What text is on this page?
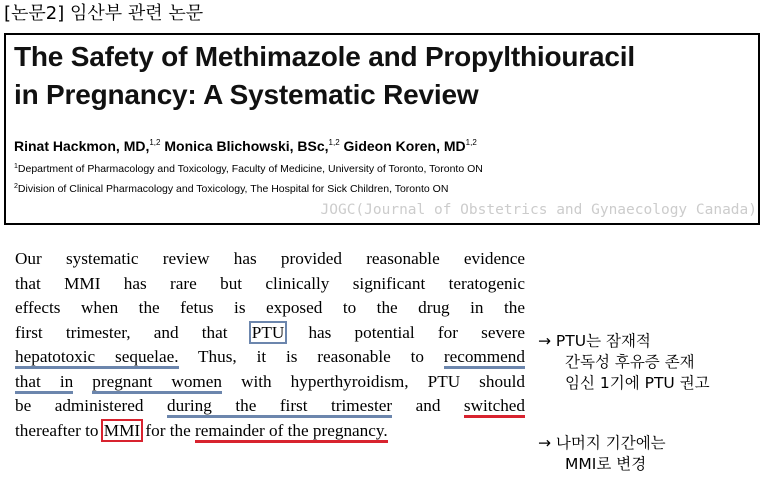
[논문2] 임산부 관련 논문
The Safety of Methimazole and Propylthiouracil
in Pregnancy: A Systematic Review
Rinat Hackmon, MD,$^{1,2}$ Monica Blichowski, BSc,$^{1,2}$ Gideon Koren, MD$^{1,2}$
$^1$Department of Pharmacology and Toxicology, Faculty of Medicine, University of Toronto, Toronto ON
$^2$Division of Clinical Pharmacology and Toxicology, The Hospital for Sick Children, Toronto ON
JOGC(Journal of Obstetrics and Gynaecology Canada)
Our systematic review has provided reasonable evidence
that MMI has rare but clinically significant teratogenic
effects when the fetus is exposed to the drug in the
first trimester, and that PTU has potential for severe
hepatotoxic sequelae. Thus, it is reasonable to recommend
that in pregnant women with hyperthyroidism, PTU should
be administered during the first trimester and switched
thereafter to MMI for the remainder of the pregnancy.
→ PTU는 잠재적
간독성 후유증 존재
임신 1기에 PTU 권고
→ 나머지 기간에는
MMI로 변경
